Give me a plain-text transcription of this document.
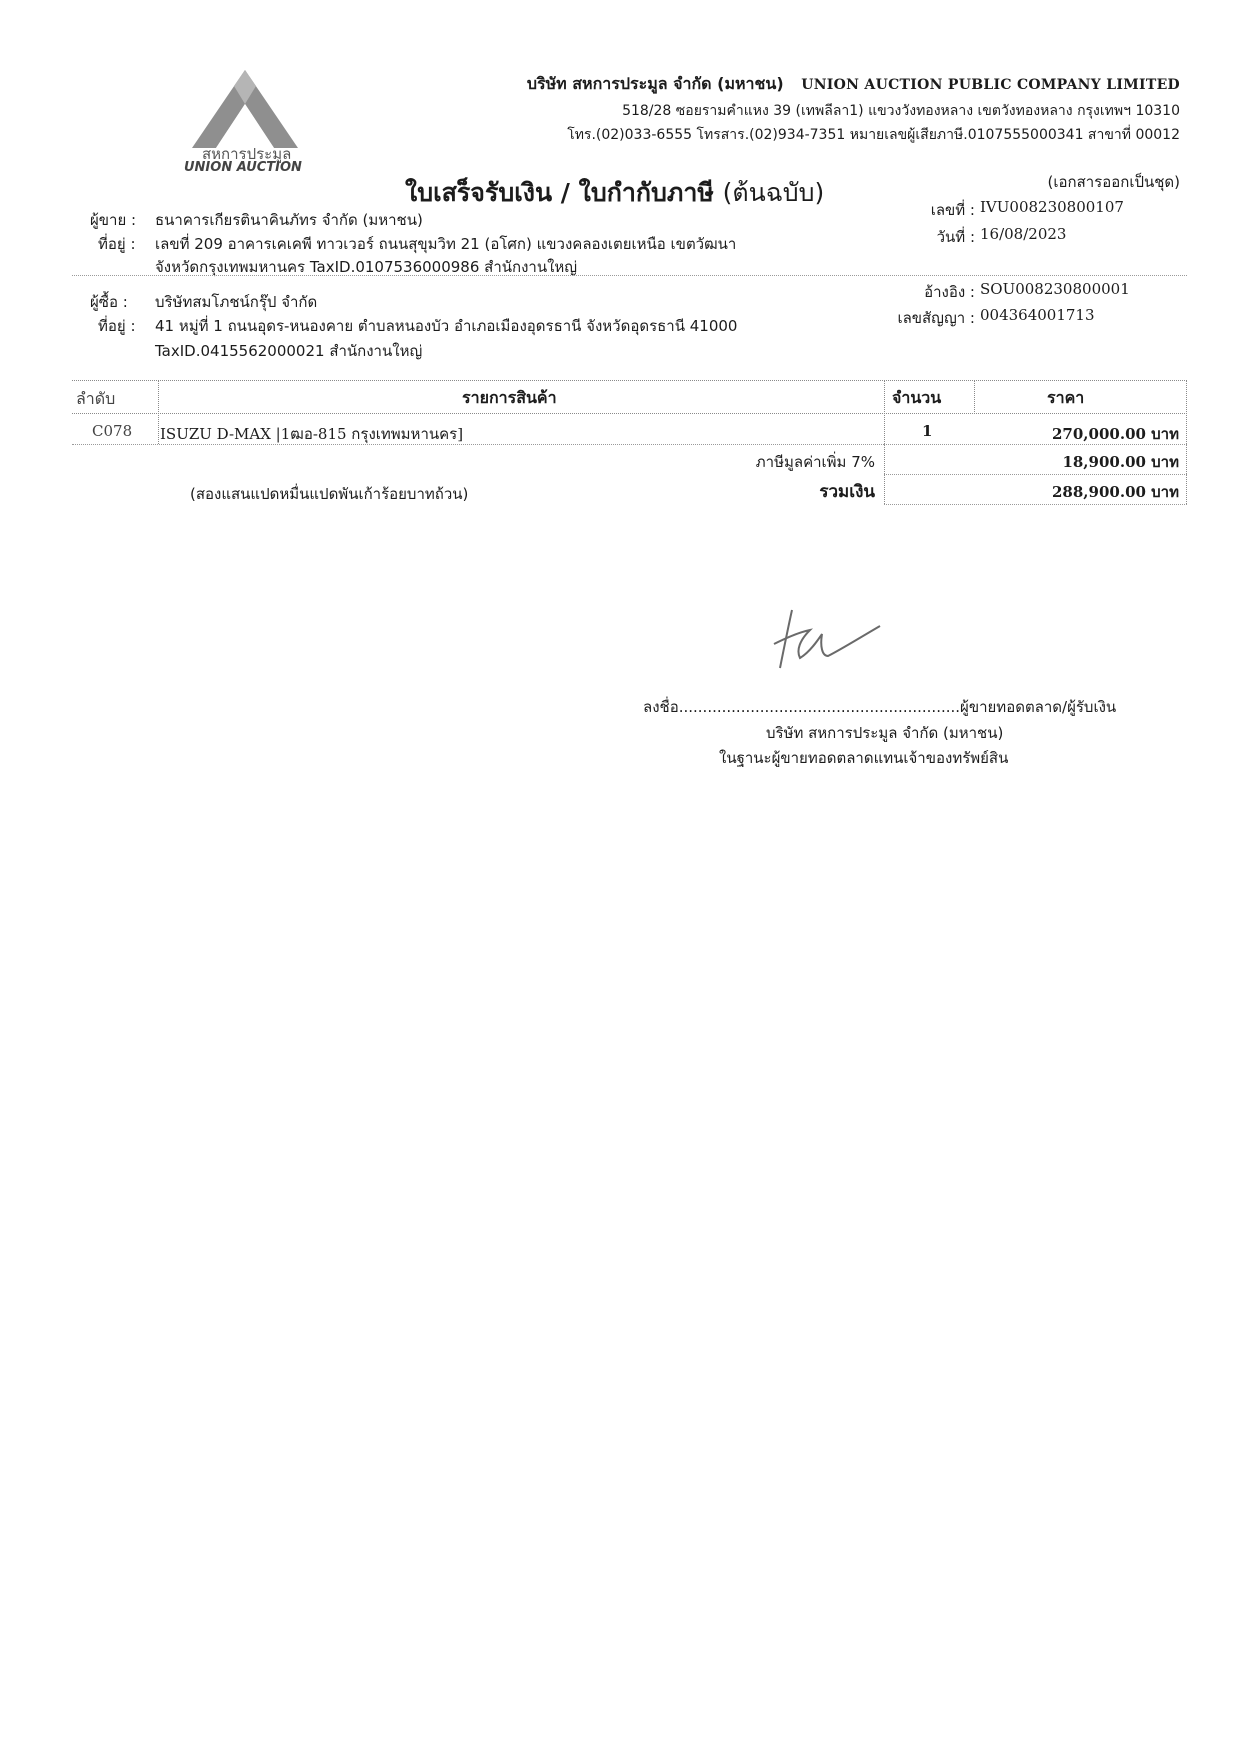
สหการประมูล
UNION AUCTION
บริษัท สหการประมูล จำกัด (มหาชน) UNION AUCTION PUBLIC COMPANY LIMITED
518/28 ซอยรามคำแหง 39 (เทพลีลา1) แขวงวังทองหลาง เขตวังทองหลาง กรุงเทพฯ 10310
โทร.(02)033-6555 โทรสาร.(02)934-7351 หมายเลขผู้เสียภาษี.0107555000341 สาขาที่ 00012
ใบเสร็จรับเงิน / ใบกำกับภาษี (ต้นฉบับ)	(เอกสารออกเป็นชุด)
ผู้ขาย : ธนาคารเกียรตินาคินภัทร จำกัด (มหาชน)
ที่อยู่ : เลขที่ 209 อาคารเคเคพี ทาวเวอร์ ถนนสุขุมวิท 21 (อโศก) แขวงคลองเตยเหนือ เขตวัฒนา
จังหวัดกรุงเทพมหานคร TaxID.0107536000986 สำนักงานใหญ่
เลขที่ : IVU008230800107
วันที่ : 16/08/2023
ผู้ซื้อ : บริษัทสมโภชน์กรุ๊ป จำกัด
ที่อยู่ : 41 หมู่ที่ 1 ถนนอุดร-หนองคาย ตำบลหนองบัว อำเภอเมืองอุดรธานี จังหวัดอุดรธานี 41000
TaxID.0415562000021 สำนักงานใหญ่
อ้างอิง : SOU008230800001
เลขสัญญา : 004364001713
ลำดับ	รายการสินค้า	จำนวน	ราคา
C078 ISUZU D-MAX |1ฒอ-815 กรุงเทพมหานคร]	1	270,000.00 บาท
ภาษีมูลค่าเพิ่ม 7%	18,900.00 บาท
(สองแสนแปดหมื่นแปดพันเก้าร้อยบาทถ้วน)	รวมเงิน	288,900.00 บาท
ลงชื่อ...........................................................ผู้ขายทอดตลาด/ผู้รับเงิน
บริษัท สหการประมูล จำกัด (มหาชน)
ในฐานะผู้ขายทอดตลาดแทนเจ้าของทรัพย์สิน
